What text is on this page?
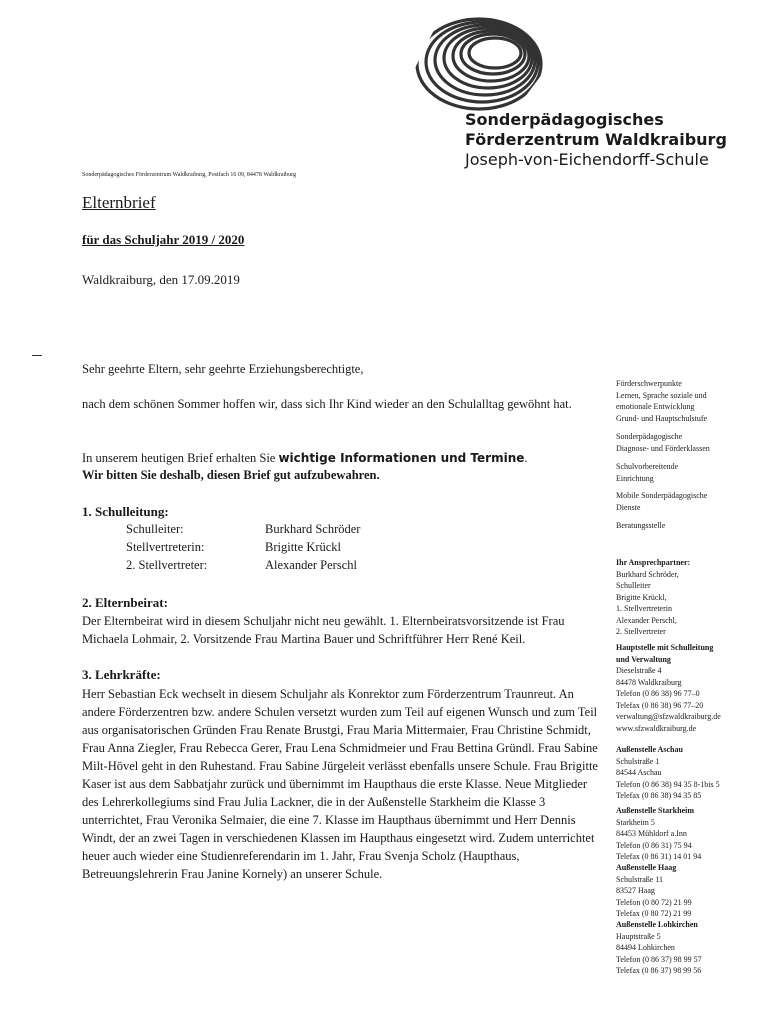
Sonderpädagogisches
Förderzentrum Waldkraiburg
Joseph-von-Eichendorff-Schule
Sonderpädagogisches Förderzentrum Waldkraiburg, Postfach 16 09, 84478 Waldkraiburg
Elternbrief
für das Schuljahr 2019 / 2020
Waldkraiburg, den 17.09.2019
Sehr geehrte Eltern, sehr geehrte Erziehungsberechtigte,
nach dem schönen Sommer hoffen wir, dass sich Ihr Kind wieder an den Schulalltag gewöhnt hat.
In unserem heutigen Brief erhalten Sie wichtige Informationen und Termine.
Wir bitten Sie deshalb, diesen Brief gut aufzubewahren.
1. Schulleitung:
Schulleiter:	Burkhard Schröder
Stellvertreterin:	Brigitte Krückl
2. Stellvertreter:	Alexander Perschl
2. Elternbeirat:
Der Elternbeirat wird in diesem Schuljahr nicht neu gewählt. 1. Elternbeiratsvorsitzende ist Frau Michaela Lohmair, 2. Vorsitzende Frau Martina Bauer und Schriftführer Herr René Keil.
3. Lehrkräfte:
Herr Sebastian Eck wechselt in diesem Schuljahr als Konrektor zum Förderzentrum Traunreut. An andere Förderzentren bzw. andere Schulen versetzt wurden zum Teil auf eigenen Wunsch und zum Teil aus organisatorischen Gründen Frau Renate Brustgi, Frau Maria Mittermaier, Frau Christine Schmidt, Frau Anna Ziegler, Frau Rebecca Gerer, Frau Lena Schmidmeier und Frau Bettina Gründl. Frau Sabine Milt-Hövel geht in den Ruhestand. Frau Sabine Jürgeleit verlässt ebenfalls unsere Schule. Frau Brigitte Kaser ist aus dem Sabbatjahr zurück und übernimmt im Haupthaus die erste Klasse. Neue Mitglieder des Lehrerkollegiums sind Frau Julia Lackner, die in der Außenstelle Starkheim die Klasse 3 unterrichtet, Frau Veronika Selmaier, die eine 7. Klasse im Haupthaus übernimmt und Herr Dennis Windt, der an zwei Tagen in verschiedenen Klassen im Haupthaus eingesetzt wird. Zudem unterrichtet heuer auch wieder eine Studienreferendarin im 1. Jahr, Frau Svenja Scholz (Haupthaus, Betreuungslehrerin Frau Janine Kornely) an unserer Schule.
Förderschwerpunkte
Lernen, Sprache soziale und
emotionale Entwicklung
Grund- und Hauptschulstufe
Sonderpädagogische
Diagnose- und Förderklassen
Schulvorbereitende
Einrichtung
Mobile Sonderpädagogische
Dienste
Beratungsstelle
Ihr Ansprechpartner:
Burkhard Schröder,
Schulleiter
Brigitte Krückl,
1. Stellvertreterin
Alexander Perschl,
2. Stellvertreter
Hauptstelle mit Schulleitung
und Verwaltung
Dieselstraße 4
84478 Waldkraiburg
Telefon (0 86 38) 96 77–0
Telefax (0 86 38) 96 77–20
verwaltung@sfzwaldkraiburg.de
www.sfzwaldkraiburg.de
Außenstelle Aschau
Schulstraße 1
84544 Aschau
Telefon (0 86 38) 94 35 8-1bis 5
Telefax (0 86 38) 94 35 85
Außenstelle Starkheim
Starkheim 5
84453 Mühldorf a.Inn
Telefon (0 86 31) 75 94
Telefax (0 86 31) 14 01 94
Außenstelle Haag
Schulstraße 11
83527 Haag
Telefon (0 80 72) 21 99
Telefax (0 80 72) 21 99
Außenstelle Lohkirchen
Hauptstraße 5
84494 Lohkirchen
Telefon (0 86 37) 98 99 57
Telefax (0 86 37) 98 99 56
